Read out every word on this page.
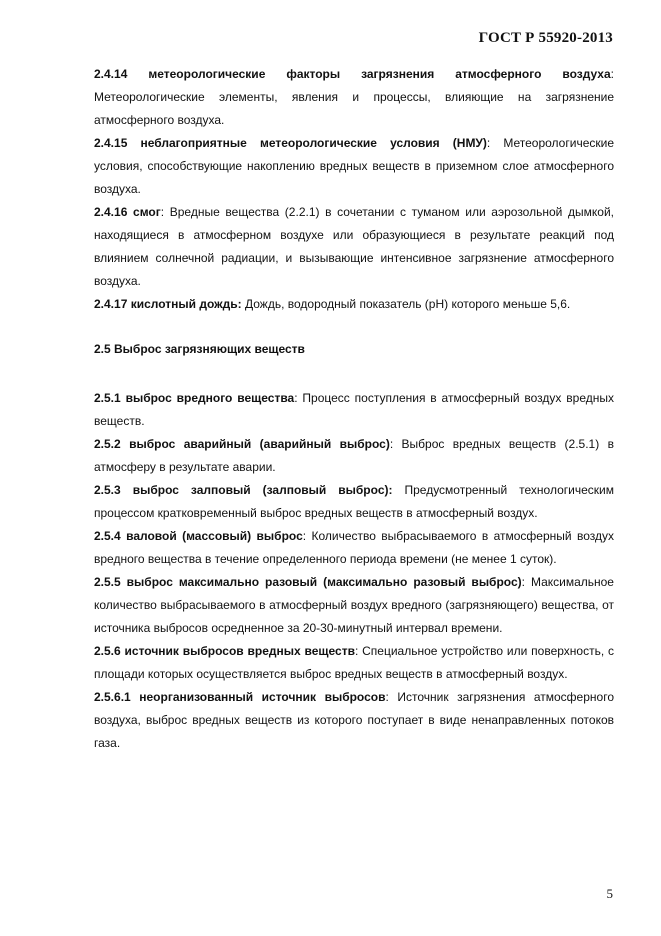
ГОСТ Р 55920-2013

2.4.14 метеорологические факторы загрязнения атмосферного воздуха: Метеорологические элементы, явления и процессы, влияющие на загрязнение атмосферного воздуха.

2.4.15 неблагоприятные метеорологические условия (НМУ): Метеорологические условия, способствующие накоплению вредных веществ в приземном слое атмосферного воздуха.

2.4.16 смог: Вредные вещества (2.2.1) в сочетании с туманом или аэрозольной дымкой, находящиеся в атмосферном воздухе или образующиеся в результате реакций под влиянием солнечной радиации, и вызывающие интенсивное загрязнение атмосферного воздуха.

2.4.17 кислотный дождь: Дождь, водородный показатель (pH) которого меньше 5,6.

2.5 Выброс загрязняющих веществ

2.5.1 выброс вредного вещества: Процесс поступления в атмосферный воздух вредных веществ.

2.5.2 выброс аварийный (аварийный выброс): Выброс вредных веществ (2.5.1) в атмосферу в результате аварии.

2.5.3 выброс залповый (залповый выброс): Предусмотренный технологическим процессом кратковременный выброс вредных веществ в атмосферный воздух.

2.5.4 валовой (массовый) выброс: Количество выбрасываемого в атмосферный воздух вредного вещества в течение определенного периода времени (не менее 1 суток).

2.5.5 выброс максимально разовый (максимально разовый выброс): Максимальное количество выбрасываемого в атмосферный воздух вредного (загрязняющего) вещества, от источника выбросов осредненное за 20-30-минутный интервал времени.

2.5.6 источник выбросов вредных веществ: Специальное устройство или поверхность, с площади которых осуществляется выброс вредных веществ в атмосферный воздух.

2.5.6.1 неорганизованный источник выбросов: Источник загрязнения атмосферного воздуха, выброс вредных веществ из которого поступает в виде ненаправленных потоков газа.

5
